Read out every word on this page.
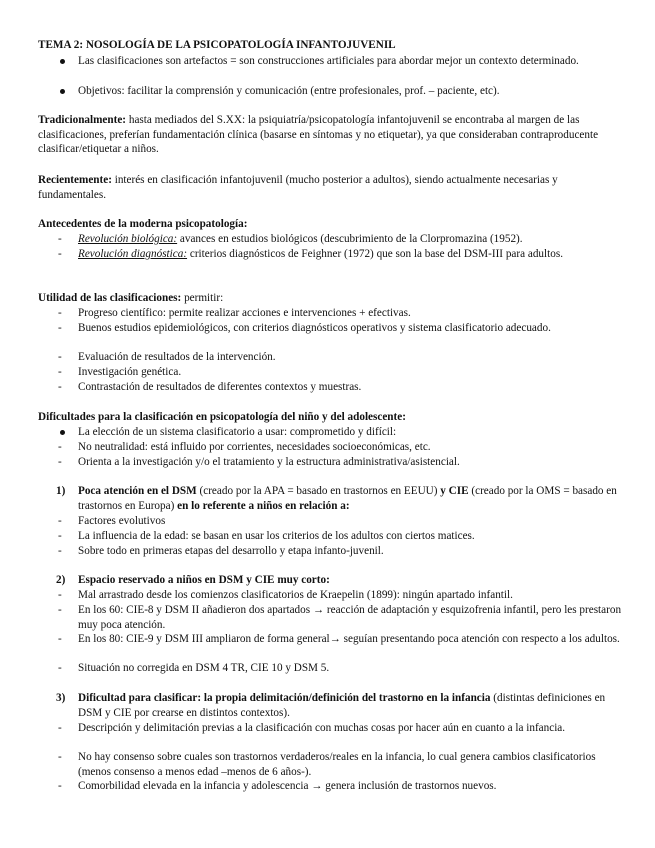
TEMA 2: NOSOLOGÍA DE LA PSICOPATOLOGÍA INFANTOJUVENIL
Las clasificaciones son artefactos = son construcciones artificiales para abordar mejor un contexto determinado.
Objetivos: facilitar la comprensión y comunicación (entre profesionales, prof. – paciente, etc).
Tradicionalmente: hasta mediados del S.XX: la psiquiatría/psicopatología infantojuvenil se encontraba al margen de las clasificaciones, preferían fundamentación clínica (basarse en síntomas y no etiquetar), ya que consideraban contraproducente clasificar/etiquetar a niños.
Recientemente: interés en clasificación infantojuvenil (mucho posterior a adultos), siendo actualmente necesarias y fundamentales.
Antecedentes de la moderna psicopatología:
- Revolución biológica: avances en estudios biológicos (descubrimiento de la Clorpromazina (1952).
- Revolución diagnóstica: criterios diagnósticos de Feighner (1972) que son la base del DSM-III para adultos.
Utilidad de las clasificaciones: permitir:
- Progreso científico: permite realizar acciones e intervenciones + efectivas.
- Buenos estudios epidemiológicos, con criterios diagnósticos operativos y sistema clasificatorio adecuado.
- Evaluación de resultados de la intervención.
- Investigación genética.
- Contrastación de resultados de diferentes contextos y muestras.
Dificultades para la clasificación en psicopatología del niño y del adolescente:
La elección de un sistema clasificatorio a usar: comprometido y difícil:
- No neutralidad: está influido por corrientes, necesidades socioeconómicas, etc.
- Orienta a la investigación y/o el tratamiento y la estructura administrativa/asistencial.
1) Poca atención en el DSM (creado por la APA = basado en trastornos en EEUU) y CIE (creado por la OMS = basado en trastornos en Europa) en lo referente a niños en relación a:
- Factores evolutivos
- La influencia de la edad: se basan en usar los criterios de los adultos con ciertos matices.
- Sobre todo en primeras etapas del desarrollo y etapa infanto-juvenil.
2) Espacio reservado a niños en DSM y CIE muy corto:
- Mal arrastrado desde los comienzos clasificatorios de Kraepelin (1899): ningún apartado infantil.
- En los 60: CIE-8 y DSM II añadieron dos apartados → reacción de adaptación y esquizofrenia infantil, pero les prestaron muy poca atención.
- En los 80: CIE-9 y DSM III ampliaron de forma general→ seguían presentando poca atención con respecto a los adultos.
- Situación no corregida en DSM 4 TR, CIE 10 y DSM 5.
3) Dificultad para clasificar: la propia delimitación/definición del trastorno en la infancia (distintas definiciones en DSM y CIE por crearse en distintos contextos).
- Descripción y delimitación previas a la clasificación con muchas cosas por hacer aún en cuanto a la infancia.
- No hay consenso sobre cuales son trastornos verdaderos/reales en la infancia, lo cual genera cambios clasificatorios (menos consenso a menos edad –menos de 6 años-).
- Comorbilidad elevada en la infancia y adolescencia → genera inclusión de trastornos nuevos.
